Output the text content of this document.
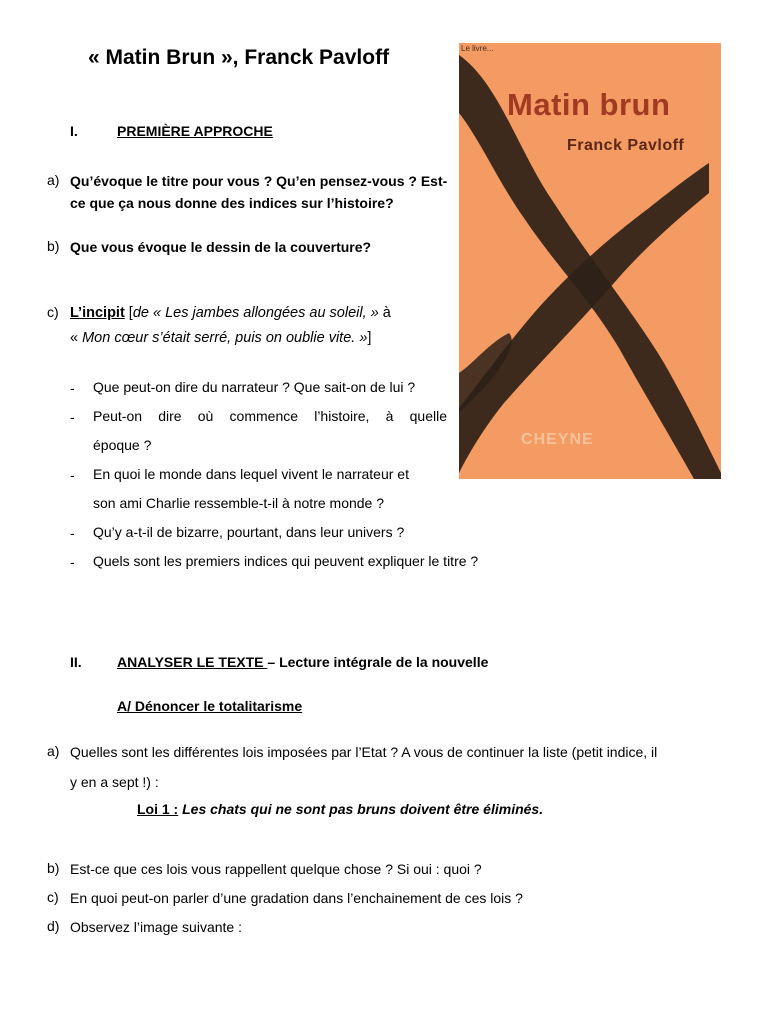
« Matin Brun », Franck Pavloff
I.	PREMIÈRE APPROCHE
a) Qu’évoque le titre pour vous ? Qu’en pensez-vous ? Est-
ce que ça nous donne des indices sur l’histoire?
b) Que vous évoque le dessin de la couverture?
c) L’incipit [de « Les jambes allongées au soleil, » à
« Mon cœur s’était serré, puis on oublie vite. »]
- Que peut-on dire du narrateur ? Que sait-on de lui ?
- Peut-on dire où commence l’histoire, à quelle
époque ?
- En quoi le monde dans lequel vivent le narrateur et
son ami Charlie ressemble-t-il à notre monde ?
- Qu’y a-t-il de bizarre, pourtant, dans leur univers ?
- Quels sont les premiers indices qui peuvent expliquer le titre ?
Le livre...
Matin brun
Franck Pavloff
CHEYNE
II.	ANALYSER LE TEXTE – Lecture intégrale de la nouvelle
A/ Dénoncer le totalitarisme
a) Quelles sont les différentes lois imposées par l’Etat ? A vous de continuer la liste (petit indice, il
y en a sept !) :
Loi 1 : Les chats qui ne sont pas bruns doivent être éliminés.
b) Est-ce que ces lois vous rappellent quelque chose ? Si oui : quoi ?
c) En quoi peut-on parler d’une gradation dans l’enchainement de ces lois ?
d) Observez l’image suivante :
